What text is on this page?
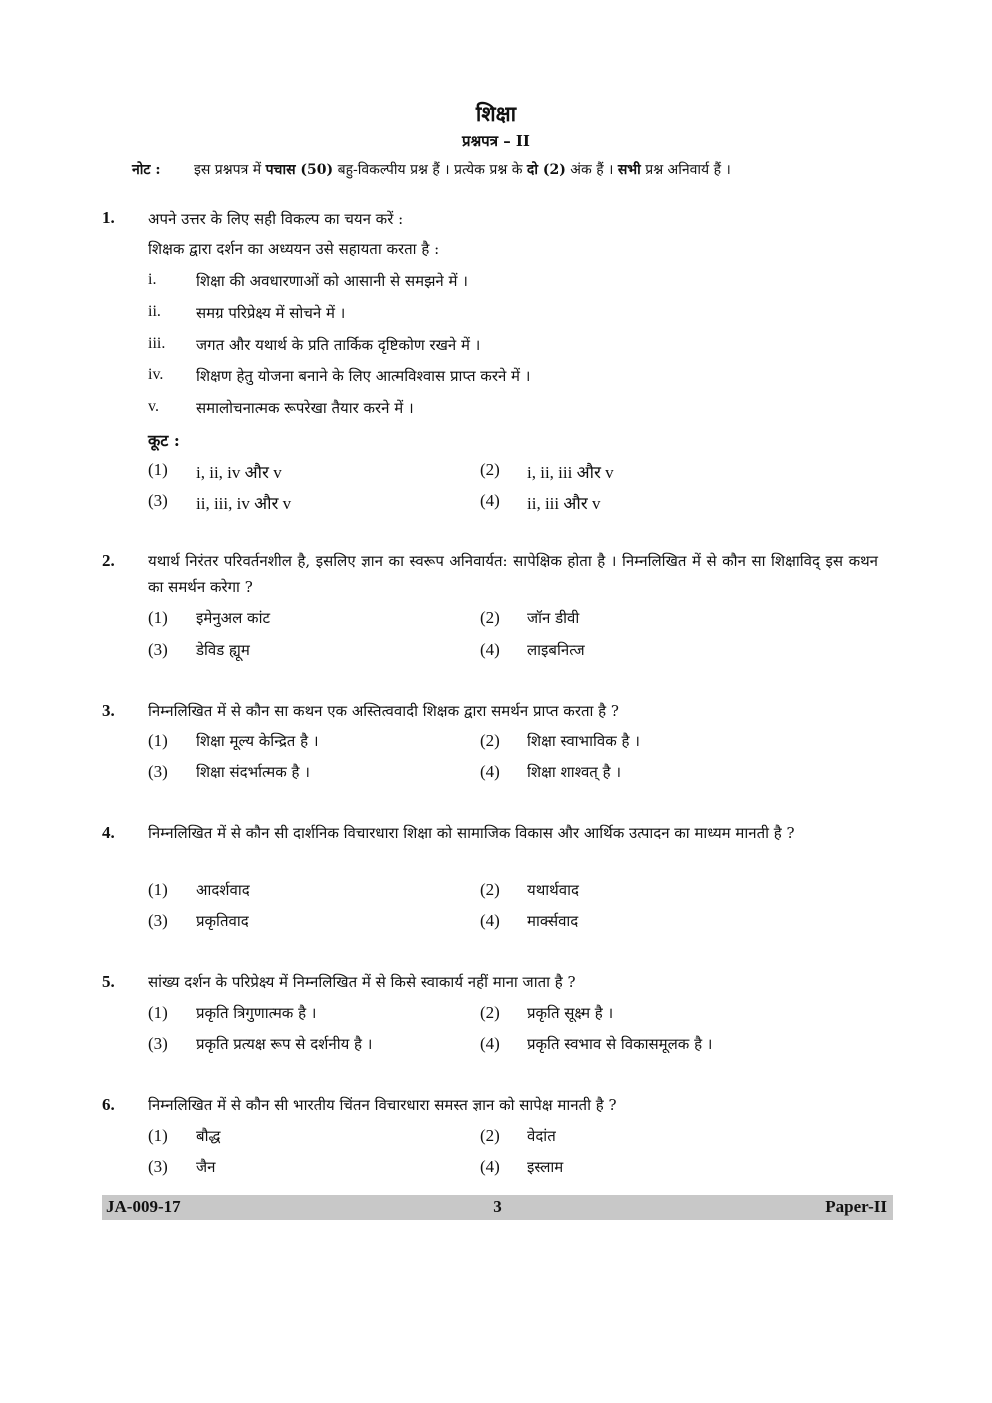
शिक्षा
प्रश्नपत्र – II
नोट : इस प्रश्नपत्र में पचास (50) बहु-विकल्पीय प्रश्न हैं । प्रत्येक प्रश्न के दो (2) अंक हैं । सभी प्रश्न अनिवार्य हैं ।
1. अपने उत्तर के लिए सही विकल्प का चयन करें :
शिक्षक द्वारा दर्शन का अध्ययन उसे सहायता करता है :
i.	शिक्षा की अवधारणाओं को आसानी से समझने में ।
ii. समग्र परिप्रेक्ष्य में सोचने में ।
iii. जगत और यथार्थ के प्रति तार्किक दृष्टिकोण रखने में ।
iv. शिक्षण हेतु योजना बनाने के लिए आत्मविश्वास प्राप्त करने में ।
v. समालोचनात्मक रूपरेखा तैयार करने में ।
कूट :
(1) i, ii, iv और v	(2) i, ii, iii और v
(3) ii, iii, iv और v	(4) ii, iii और v
2. यथार्थ निरंतर परिवर्तनशील है, इसलिए ज्ञान का स्वरूप अनिवार्यत: सापेक्षिक होता है । निम्नलिखित में से कौन सा शिक्षाविद् इस कथन का समर्थन करेगा ?
(1) इमेनुअल कांट	(2) जॉन डीवी
(3) डेविड ह्यूम	(4) लाइबनित्ज
3. निम्नलिखित में से कौन सा कथन एक अस्तित्ववादी शिक्षक द्वारा समर्थन प्राप्त करता है ?
(1) शिक्षा मूल्य केन्द्रित है ।	(2) शिक्षा स्वाभाविक है ।
(3) शिक्षा संदर्भात्मक है ।	(4) शिक्षा शाश्वत् है ।
4. निम्नलिखित में से कौन सी दार्शनिक विचारधारा शिक्षा को सामाजिक विकास और आर्थिक उत्पादन का माध्यम मानती है ?
(1) आदर्शवाद	(2) यथार्थवाद
(3) प्रकृतिवाद	(4) मार्क्सवाद
5. सांख्य दर्शन के परिप्रेक्ष्य में निम्नलिखित में से किसे स्वाकार्य नहीं माना जाता है ?
(1) प्रकृति त्रिगुणात्मक है ।	(2) प्रकृति सूक्ष्म है ।
(3) प्रकृति प्रत्यक्ष रूप से दर्शनीय है ।	(4) प्रकृति स्वभाव से विकासमूलक है ।
6. निम्नलिखित में से कौन सी भारतीय चिंतन विचारधारा समस्त ज्ञान को सापेक्ष मानती है ?
(1) बौद्ध	(2) वेदांत
(3) जैन	(4) इस्लाम
JA-009-17	3	Paper-II
